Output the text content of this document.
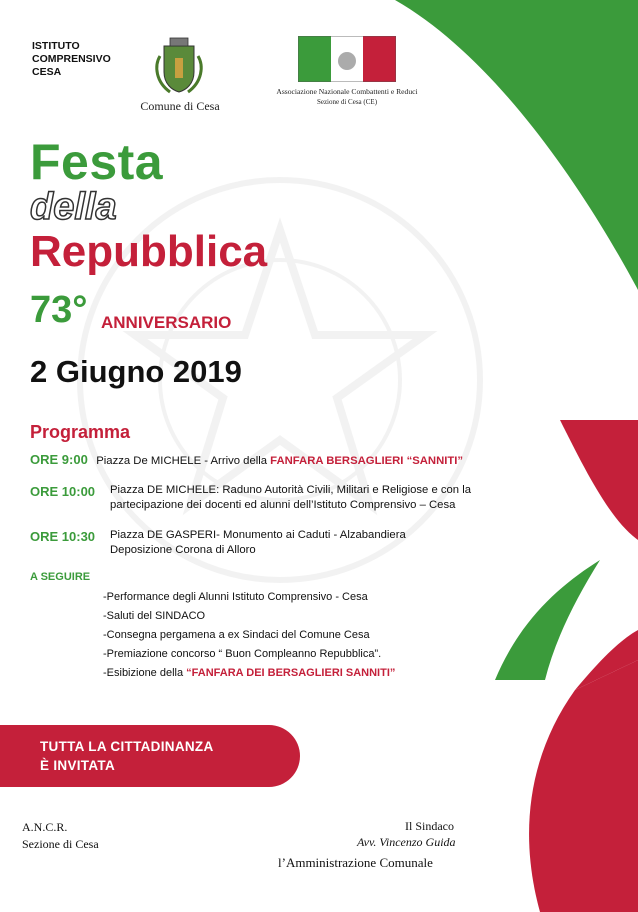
ISTITUTO
COMPRENSIVO
CESA
Comune di Cesa
Associazione Nazionale Combattenti e Reduci
Sezione di Cesa (CE)
Festa
della
Repubblica
73° ANNIVERSARIO
2 Giugno 2019
Programma
ORE 9:00 Piazza De MICHELE - Arrivo della FANFARA BERSAGLIERI “SANNITI”
ORE 10:00 Piazza DE MICHELE: Raduno Autorità Civili, Militari e Religiose e con la
partecipazione dei docenti ed alunni dell’Istituto Comprensivo – Cesa
ORE 10:30 Piazza DE GASPERI- Monumento ai Caduti - Alzabandiera
Deposizione Corona di Alloro
A SEGUIRE
-Performance degli Alunni Istituto Comprensivo - Cesa
-Saluti del SINDACO
-Consegna pergamena a ex Sindaci del Comune Cesa
-Premiazione concorso “ Buon Compleanno Repubblica”.
-Esibizione della “FANFARA DEI BERSAGLIERI SANNITI”
TUTTA LA CITTADINANZA
È INVITATA
A.N.C.R.
Sezione di Cesa
Il Sindaco
Avv. Vincenzo Guida
l’Amministrazione Comunale
